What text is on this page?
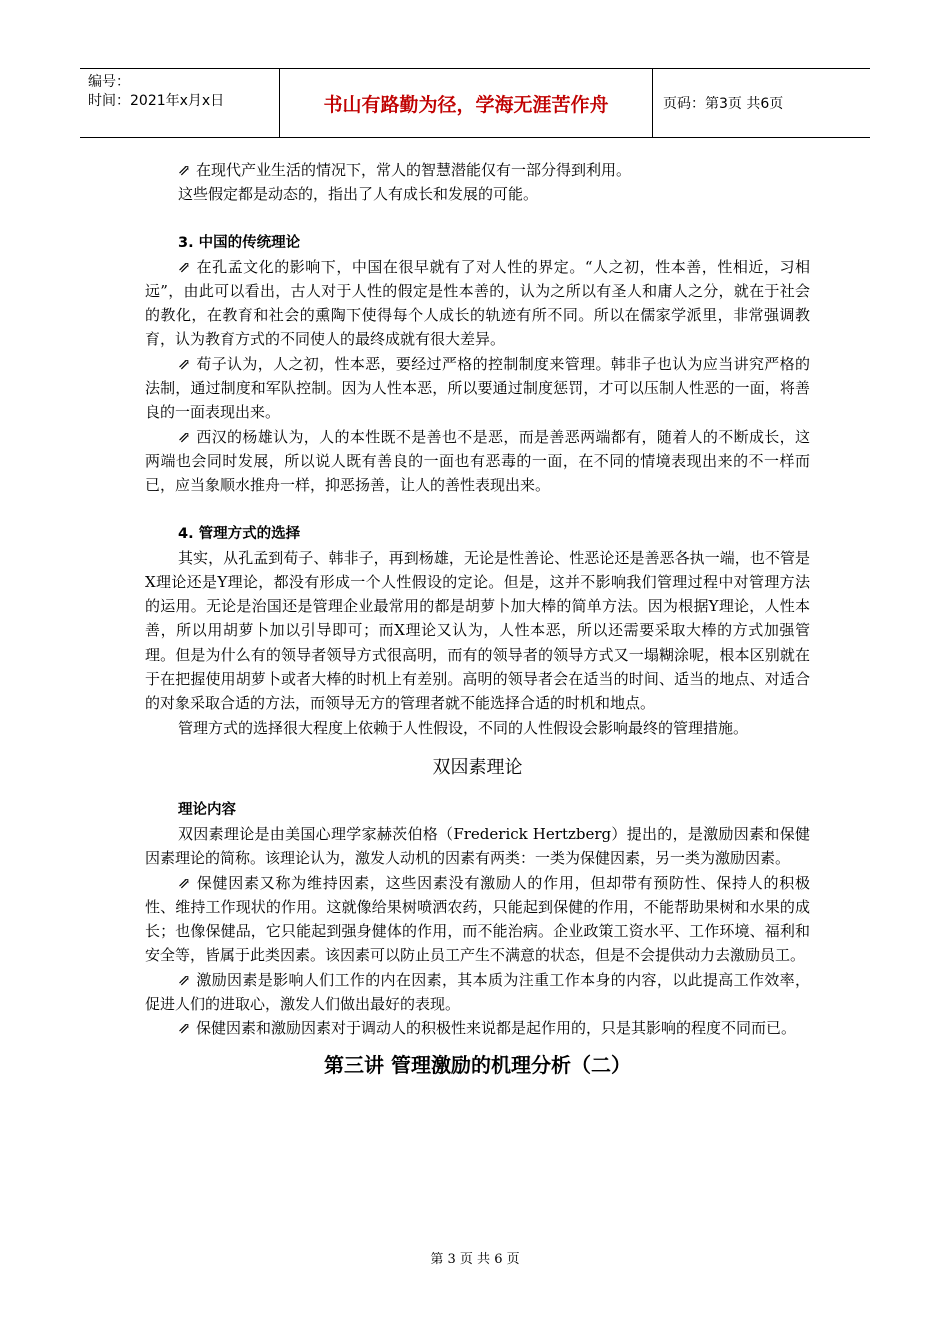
编号：
时间：2021年x月x日	书山有路勤为径，学海无涯苦作舟	页码：第3页 共6页

⇗ 在现代产业生活的情况下，常人的智慧潜能仅有一部分得到利用。

这些假定都是动态的，指出了人有成长和发展的可能。

3. 中国的传统理论

⇗ 在孔孟文化的影响下，中国在很早就有了对人性的界定。“人之初，性本善，性相近，习相远”，由此可以看出，古人对于人性的假定是性本善的，认为之所以有圣人和庸人之分，就在于社会的教化，在教育和社会的熏陶下使得每个人成长的轨迹有所不同。所以在儒家学派里，非常强调教育，认为教育方式的不同使人的最终成就有很大差异。

⇗ 荀子认为，人之初，性本恶，要经过严格的控制制度来管理。韩非子也认为应当讲究严格的法制，通过制度和军队控制。因为人性本恶，所以要通过制度惩罚，才可以压制人性恶的一面，将善良的一面表现出来。

⇗ 西汉的杨雄认为，人的本性既不是善也不是恶，而是善恶两端都有，随着人的不断成长，这两端也会同时发展，所以说人既有善良的一面也有恶毒的一面，在不同的情境表现出来的不一样而已，应当象顺水推舟一样，抑恶扬善，让人的善性表现出来。

4. 管理方式的选择

其实，从孔孟到荀子、韩非子，再到杨雄，无论是性善论、性恶论还是善恶各执一端，也不管是X理论还是Y理论，都没有形成一个人性假设的定论。但是，这并不影响我们管理过程中对管理方法的运用。无论是治国还是管理企业最常用的都是胡萝卜加大棒的简单方法。因为根据Y理论，人性本善，所以用胡萝卜加以引导即可；而X理论又认为，人性本恶，所以还需要采取大棒的方式加强管理。但是为什么有的领导者领导方式很高明，而有的领导者的领导方式又一塌糊涂呢，根本区别就在于在把握使用胡萝卜或者大棒的时机上有差别。高明的领导者会在适当的时间、适当的地点、对适合的对象采取合适的方法，而领导无方的管理者就不能选择合适的时机和地点。

管理方式的选择很大程度上依赖于人性假设，不同的人性假设会影响最终的管理措施。

双因素理论

理论内容

双因素理论是由美国心理学家赫茨伯格（Frederick Hertzberg）提出的，是激励因素和保健因素理论的简称。该理论认为，激发人动机的因素有两类：一类为保健因素，另一类为激励因素。

⇗ 保健因素又称为维持因素，这些因素没有激励人的作用，但却带有预防性、保持人的积极性、维持工作现状的作用。这就像给果树喷洒农药，只能起到保健的作用，不能帮助果树和水果的成长；也像保健品，它只能起到强身健体的作用，而不能治病。企业政策工资水平、工作环境、福利和安全等，皆属于此类因素。该因素可以防止员工产生不满意的状态，但是不会提供动力去激励员工。

⇗ 激励因素是影响人们工作的内在因素，其本质为注重工作本身的内容，以此提高工作效率，促进人们的进取心，激发人们做出最好的表现。

⇗ 保健因素和激励因素对于调动人的积极性来说都是起作用的，只是其影响的程度不同而已。

第三讲 管理激励的机理分析（二）

第 3 页 共 6 页
